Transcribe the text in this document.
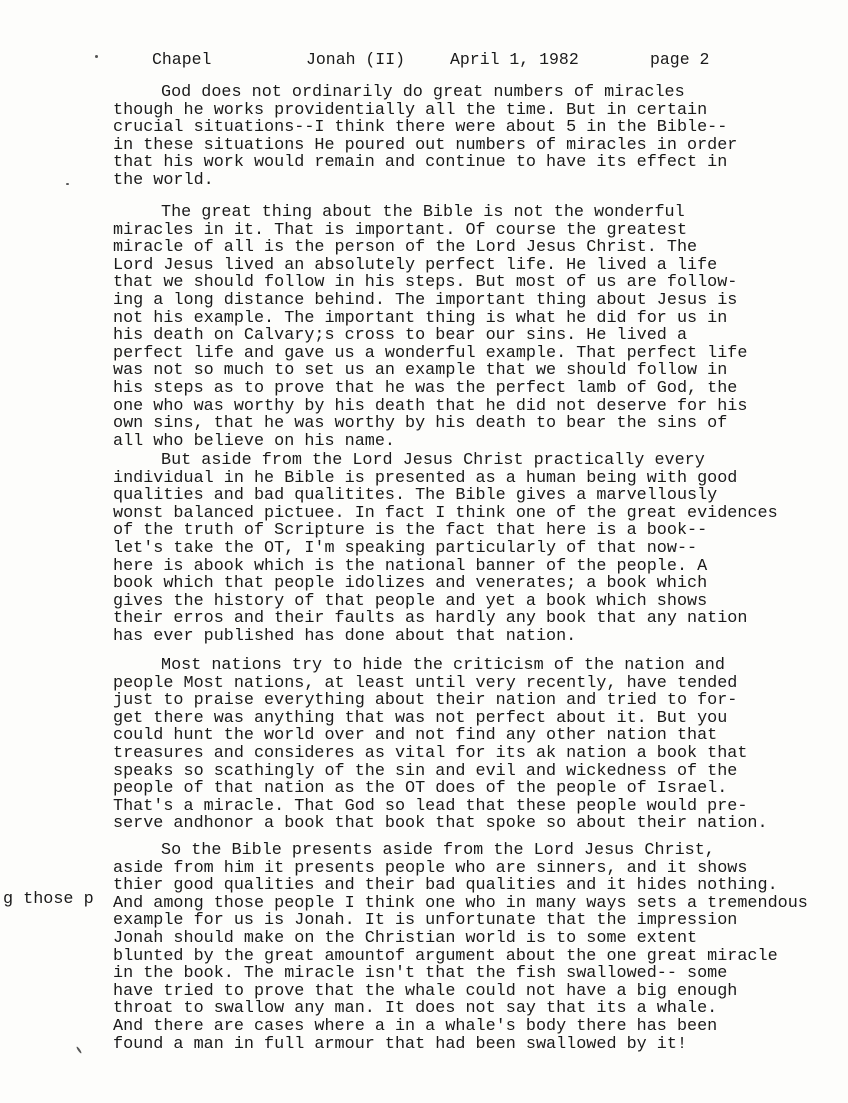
Chapel	Jonah (II)	April 1, 1982	page 2
God does not ordinarily do great numbers of miracles
though he works providentially all the time. But in certain
crucial situations--I think there were about 5 in the Bible--
in these situations He poured out numbers of miracles in order
that his work would remain and continue to have its effect in
the world.
The great thing about the Bible is not the wonderful
miracles in it. That is important. Of course the greatest
miracle of all is the person of the Lord Jesus Christ. The
Lord Jesus lived an absolutely perfect life. He lived a life
that we should follow in his steps. But most of us are follow-
ing a long distance behind. The important thing about Jesus is
not his example. The important thing is what he did for us in
his death on Calvary;s cross to bear our sins. He lived a
perfect life and gave us a wonderful example. That perfect life
was not so much to set us an example that we should follow in
his steps as to prove that he was the perfect lamb of God, the
one who was worthy by his death that he did not deserve for his
own sins, that he was worthy by his death to bear the sins of
all who believe on his name.
But aside from the Lord Jesus Christ practically every
individual in he Bible is presented as a human being with good
qualities and bad qualitites. The Bible gives a marvellously
wonst balanced pictuee. In fact I think one of the great evidences
of the truth of Scripture is the fact that here is a book--
let's take the OT, I'm speaking particularly of that now--
here is abook which is the national banner of the people. A
book which that people idolizes and venerates; a book which
gives the history of that people and yet a book which shows
their erros and their faults as hardly any book that any nation
has ever published has done about that nation.
Most nations try to hide the criticism of the nation and
people Most nations, at least until very recently, have tended
just to praise everything about their nation and tried to for-
get there was anything that was not perfect about it. But you
could hunt the world over and not find any other nation that
treasures and consideres as vital for its ak nation a book that
speaks so scathingly of the sin and evil and wickedness of the
people of that nation as the OT does of the people of Israel.
That's a miracle. That God so lead that these people would pre-
serve andhonor a book that book that spoke so about their nation.
So the Bible presents aside from the Lord Jesus Christ,
aside from him it presents people who are sinners, and it shows
thier good qualities and their bad qualities and it hides nothing.
And among those people I think one who in many ways sets a tremendous
example for us is Jonah. It is unfortunate that the impression
Jonah should make on the Christian world is to some extent
blunted by the great amountof argument about the one great miracle
in the book. The miracle isn't that the fish swallowed-- some
have tried to prove that the whale could not have a big enough
throat to swallow any man. It does not say that its a whale.
And there are cases where a in a whale's body there has been
found a man in full armour that had been swallowed by it!
g those p
